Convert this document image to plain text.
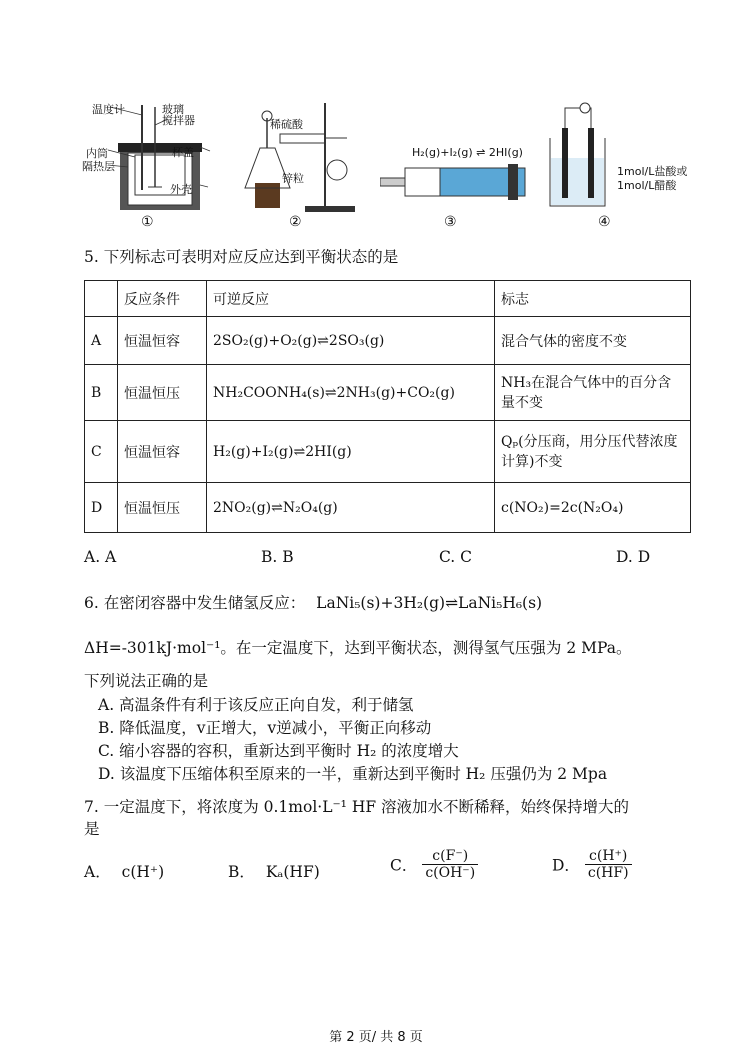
温度计	玻璃
搅拌器
内筒
隔热层
杯盖
外壳
①
稀硫酸
锌粒
②
H₂(g)+I₂(g) ⇌ 2HI(g)
③
1mol/L盐酸或
1mol/L醋酸
④
5. 下列标志可表明对应反应达到平衡状态的是
	反应条件	可逆反应	标志
A	恒温恒容	2SO₂(g)+O₂(g)⇌2SO₃(g)	混合气体的密度不变
B	恒温恒压	NH₂COONH₄(s)⇌2NH₃(g)+CO₂(g)	NH₃在混合气体中的百分含量不变
C	恒温恒容	H₂(g)+I₂(g)⇌2HI(g)	Qₚ(分压商，用分压代替浓度计算)不变
D	恒温恒压	2NO₂(g)⇌N₂O₄(g)	c(NO₂)=2c(N₂O₄)
A. A	B. B	C. C	D. D
6. 在密闭容器中发生储氢反应： LaNi₅(s)+3H₂(g)⇌LaNi₅H₆(s)
ΔH=-301kJ·mol⁻¹。在一定温度下，达到平衡状态，测得氢气压强为 2 MPa。
下列说法正确的是
A. 高温条件有利于该反应正向自发，利于储氢
B. 降低温度，v正增大，v逆减小，平衡正向移动
C. 缩小容器的容积，重新达到平衡时 H₂ 的浓度增大
D. 该温度下压缩体积至原来的一半，重新达到平衡时 H₂ 压强仍为 2 Mpa
7. 一定温度下，将浓度为 0.1mol·L⁻¹ HF 溶液加水不断稀释，始终保持增大的
是
A． c(H⁺)	B． Kₐ(HF)	C． $\frac{c(F^-)}{c(OH^-)}$	D． $\frac{c(H^+)}{c(HF)}$
第 2 页/ 共 8 页
